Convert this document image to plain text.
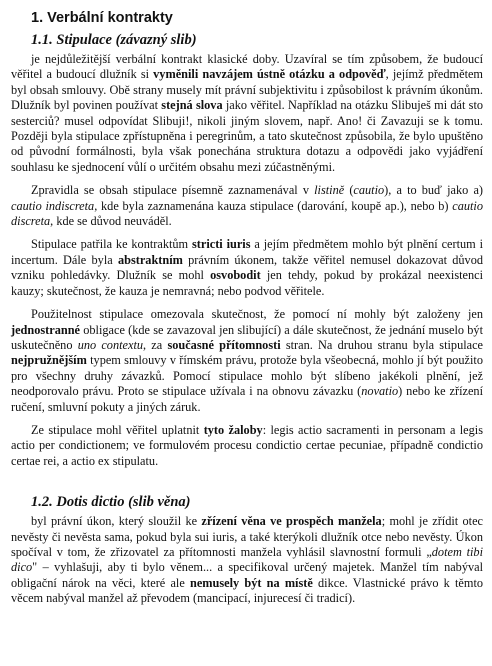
1. Verbální kontrakty
1.1. Stipulace (závazný slib)

je nejdůležitější verbální kontrakt klasické doby. Uzavíral se tím způsobem, že budoucí věřitel a budoucí dlužník si vyměnili navzájem ústně otázku a odpověď, jejímž předmětem byl obsah smlouvy. Obě strany musely mít právní subjektivitu i způsobilost k právním úkonům. Dlužník byl povinen používat stejná slova jako věřitel. Například na otázku Slibuješ mi dát sto sesterciů? musel odpovídat Slibuji!, nikoli jiným slovem, např. Ano! či Zavazuji se k tomu. Později byla stipulace zpřístupněna i peregrinům, a tato skutečnost způsobila, že bylo upuštěno od původní formálnosti, byla však ponechána struktura dotazu a odpovědi jako vyjádření souhlasu ke sjednocení vůlí o určitém obsahu mezi zúčastněnými.

Zpravidla se obsah stipulace písemně zaznamenával v listině (cautio), a to buď jako a) cautio indiscreta, kde byla zaznamenána kauza stipulace (darování, koupě ap.), nebo b) cautio discreta, kde se důvod neuváděl.

Stipulace patřila ke kontraktům stricti iuris a jejím předmětem mohlo být plnění certum i incertum. Dále byla abstraktním právním úkonem, takže věřitel nemusel dokazovat důvod vzniku pohledávky. Dlužník se mohl osvobodit jen tehdy, pokud by prokázal neexistenci kauzy; skutečnost, že kauza je nemravná; nebo podvod věřitele.

Použitelnost stipulace omezovala skutečnost, že pomocí ní mohly být založeny jen jednostranné obligace (kde se zavazoval jen slibující) a dále skutečnost, že jednání muselo být uskutečněno uno contextu, za současné přítomnosti stran. Na druhou stranu byla stipulace nejpružnějším typem smlouvy v římském právu, protože byla všeobecná, mohlo jí být použito pro všechny druhy závazků. Pomocí stipulace mohlo být slíbeno jakékoli plnění, jež neodporovalo právu. Proto se stipulace užívala i na obnovu závazku (novatio) nebo ke zřízení ručení, smluvní pokuty a jiných záruk.

Ze stipulace mohl věřitel uplatnit tyto žaloby: legis actio sacramenti in personam a legis actio per condictionem; ve formulovém procesu condictio certae pecuniae, případně condictio certae rei, a actio ex stipulatu.

1.2. Dotis dictio (slib věna)

byl právní úkon, který sloužil ke zřízení věna ve prospěch manžela; mohl je zřídit otec nevěsty či nevěsta sama, pokud byla sui iuris, a také kterýkoli dlužník otce nebo nevěsty. Úkon spočíval v tom, že zřizovatel za přítomnosti manžela vyhlásil slavnostní formuli „dotem tibi dico" – vyhlašuji, aby ti bylo věnem... a specifikoval určený majetek. Manžel tím nabýval obligační nárok na věci, které ale nemusely být na místě dikce. Vlastnické právo k těmto věcem nabýval manžel až převodem (mancipací, injurecesí či tradicí).
